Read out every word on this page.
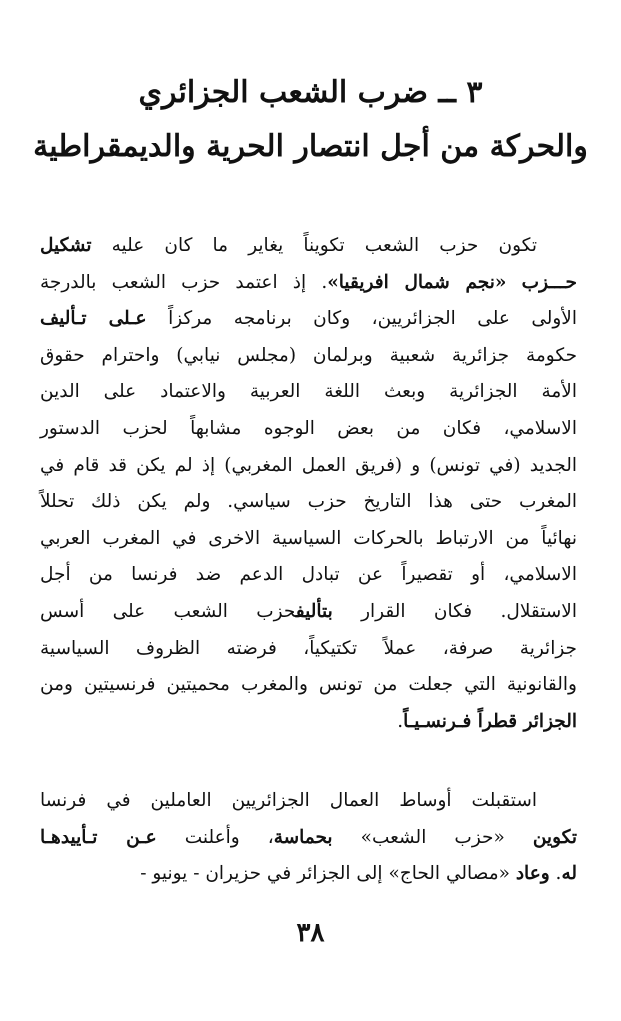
٣ ــ ضرب الشعب الجزائري
والحركة من أجل انتصار الحرية والديمقراطية

تكون حزب الشعب تكويناً يغاير ما كان عليه تشكيل
حـــزب «نجم شمال افريقيا». إذ اعتمد حزب الشعب بالدرجة
الأولى على الجزائريين، وكان برنامجه مركزاً عـلى تـأليف
حكومة جزائرية شعبية وبرلمان (مجلس نيابي) واحترام حقوق
الأمة الجزائرية وبعث اللغة العربية والاعتماد على الدين
الاسلامي، فكان من بعض الوجوه مشابهاً لحزب الدستور
الجديد (في تونس) و (فريق العمل المغربي) إذ لم يكن قد قام في
المغرب حتى هذا التاريخ حزب سياسي. ولم يكن ذلك تحللاً
نهائياً من الارتباط بالحركات السياسية الاخرى في المغرب العربي
الاسلامي، أو تقصيراً عن تبادل الدعم ضد فرنسا من أجل
الاستقلال. فكان القرار بتأليفحزب الشعب على أسس
جزائرية صرفة، عملاً تكتيكياً، فرضته الظروف السياسية
والقانونية التي جعلت من تونس والمغرب محميتين فرنسيتين ومن
الجزائر قطراً فـرنسـيـاً.

استقبلت أوساط العمال الجزائريين العاملين في فرنسا
تكوين «حزب الشعب» بحماسة، وأعلنت عـن تـأييدهـا
له. وعاد «مصالي الحاج» إلى الجزائر في حزيران - يونيو -

٣٨
